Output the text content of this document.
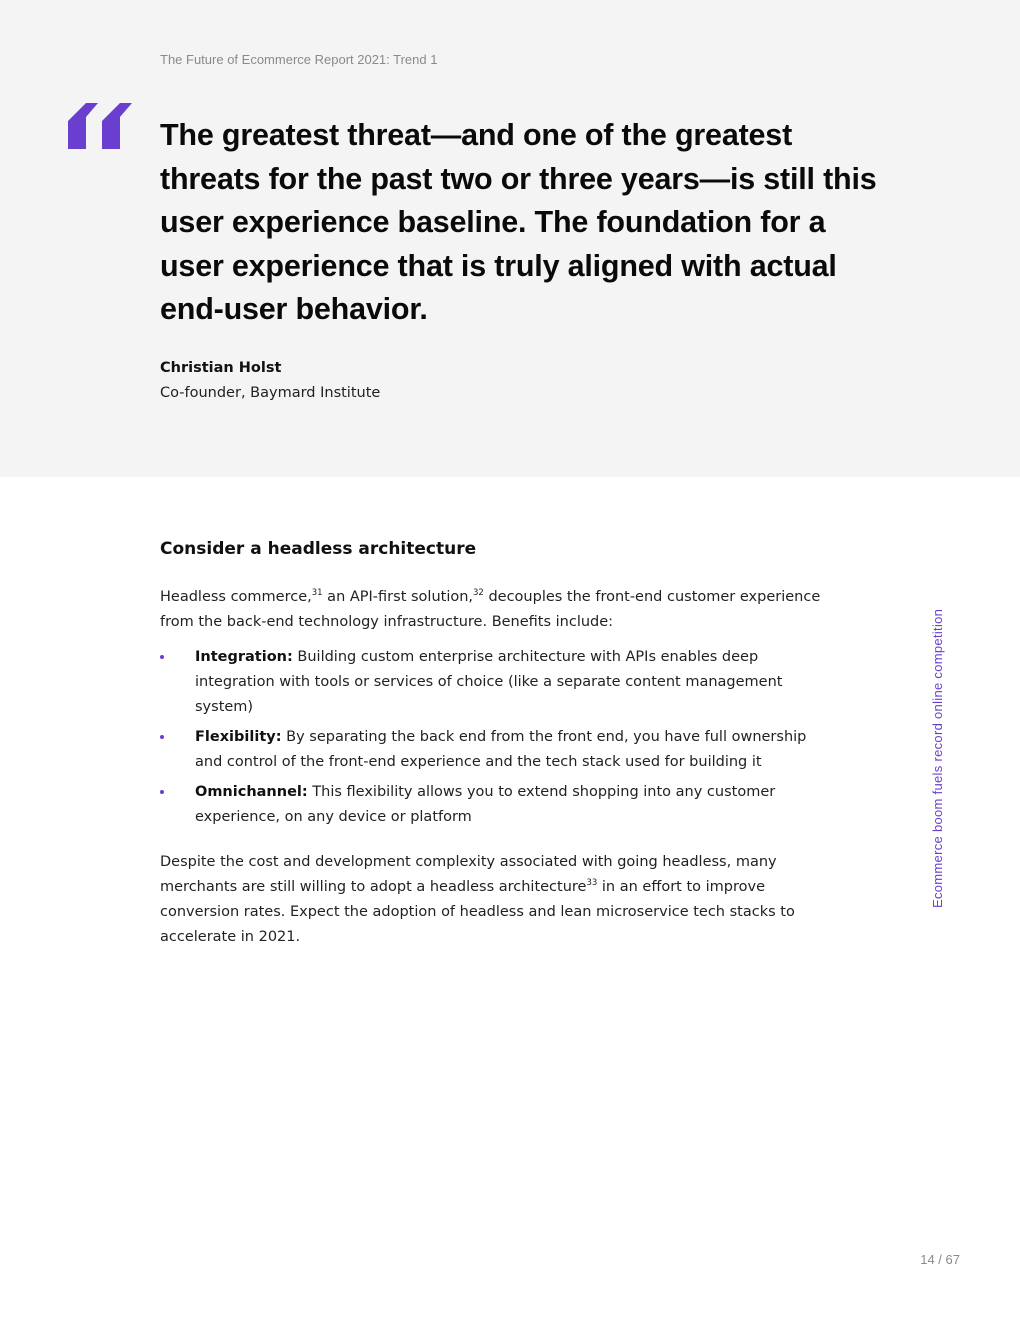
The Future of Ecommerce Report 2021: Trend 1

The greatest threat—and one of the greatest threats for the past two or three years—is still this user experience baseline. The foundation for a user experience that is truly aligned with actual end-user behavior.

Christian Holst
Co-founder, Baymard Institute
Consider a headless architecture

Headless commerce,$^{31}$ an API-first solution,$^{32}$ decouples the front-end customer experience from the back-end technology infrastructure. Benefits include:

Integration: Building custom enterprise architecture with APIs enables deep integration with tools or services of choice (like a separate content management system)
Flexibility: By separating the back end from the front end, you have full ownership and control of the front-end experience and the tech stack used for building it
Omnichannel: This flexibility allows you to extend shopping into any customer experience, on any device or platform

Despite the cost and development complexity associated with going headless, many merchants are still willing to adopt a headless architecture$^{33}$ in an effort to improve conversion rates. Expect the adoption of headless and lean microservice tech stacks to accelerate in 2021.

Ecommerce boom fuels record online competition
14 / 67
